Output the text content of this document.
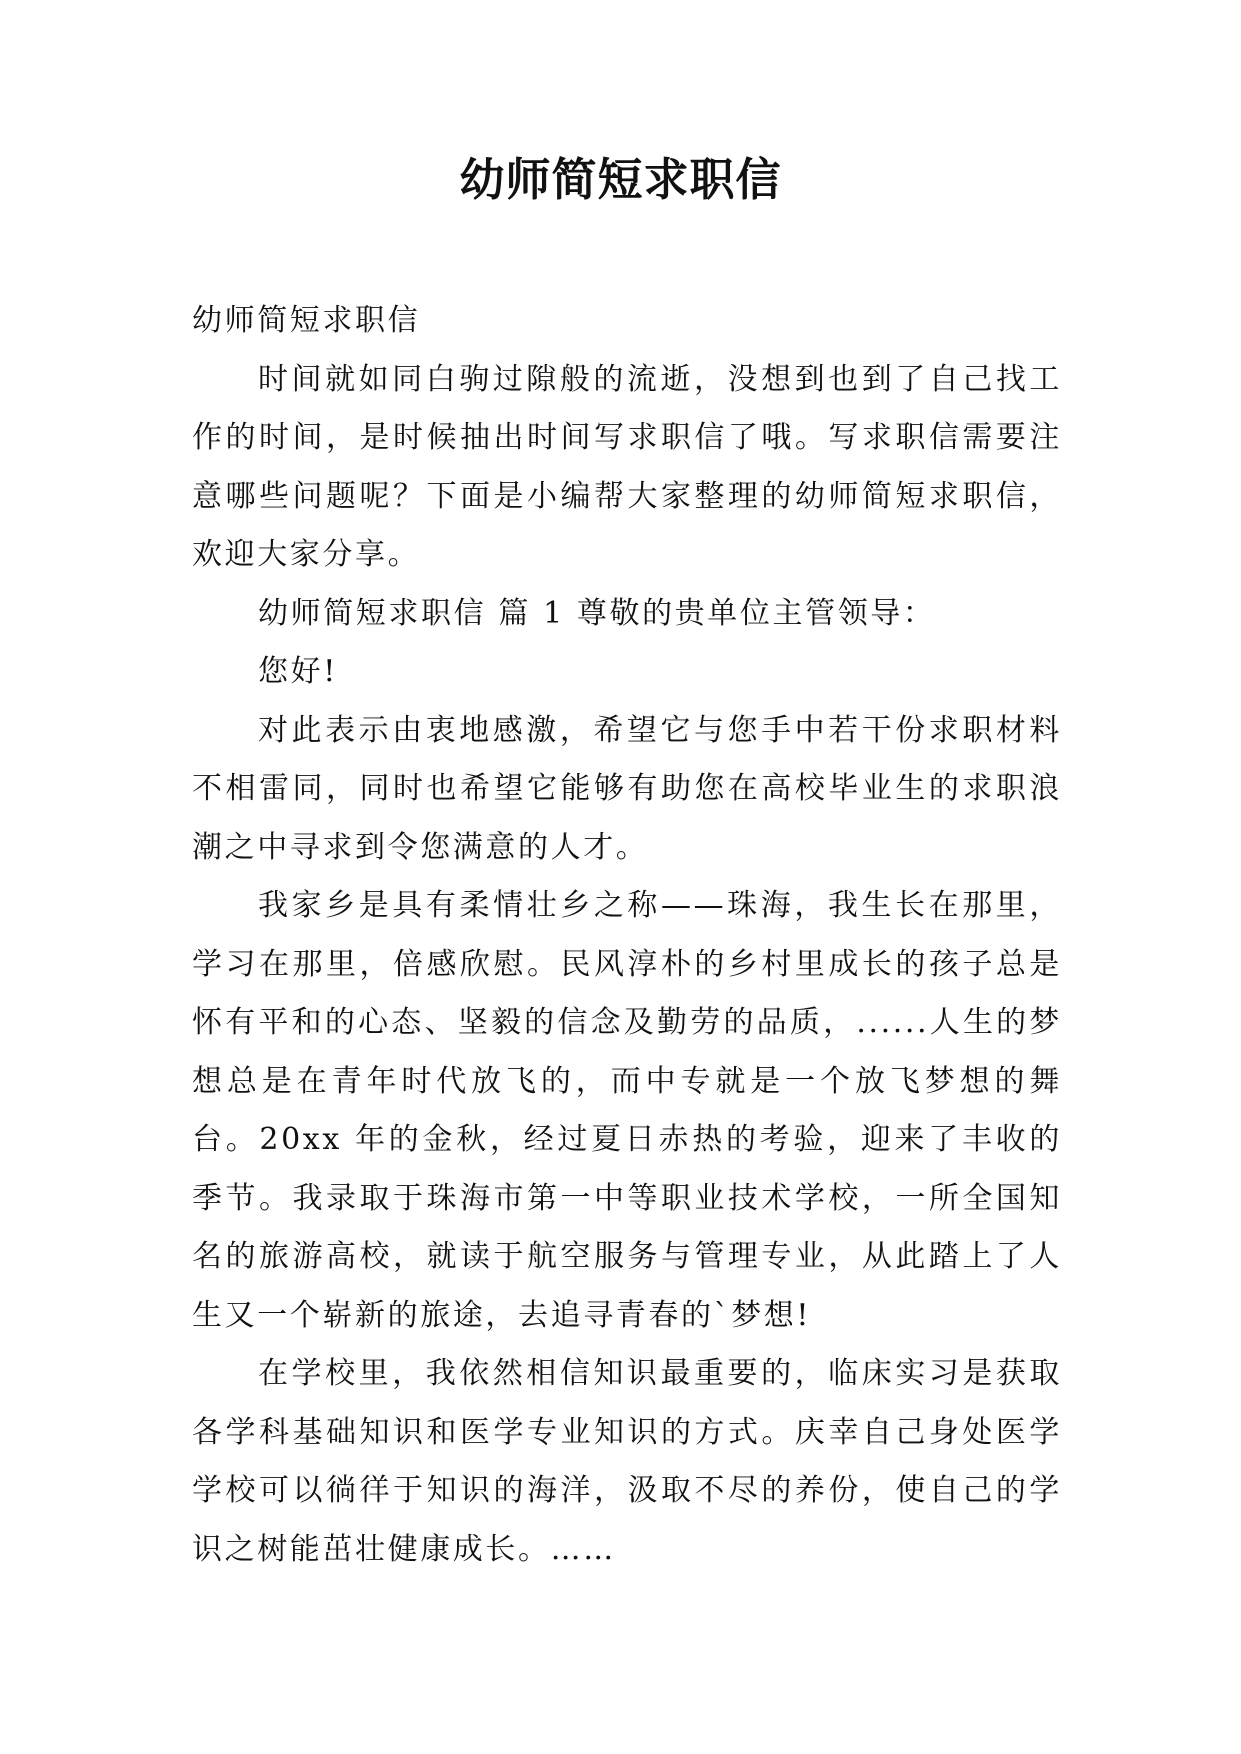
幼师简短求职信

幼师简短求职信

时间就如同白驹过隙般的流逝，没想到也到了自己找工作的时间，是时候抽出时间写求职信了哦。写求职信需要注意哪些问题呢？下面是小编帮大家整理的幼师简短求职信，欢迎大家分享。

幼师简短求职信 篇 1 尊敬的贵单位主管领导：

您好!

对此表示由衷地感激，希望它与您手中若干份求职材料不相雷同，同时也希望它能够有助您在高校毕业生的求职浪潮之中寻求到令您满意的人才。

我家乡是具有柔情壮乡之称——珠海，我生长在那里，学习在那里，倍感欣慰。民风淳朴的乡村里成长的孩子总是怀有平和的心态、坚毅的信念及勤劳的品质，......人生的梦想总是在青年时代放飞的，而中专就是一个放飞梦想的舞台。20xx 年的金秋，经过夏日赤热的考验，迎来了丰收的季节。我录取于珠海市第一中等职业技术学校，一所全国知名的旅游高校，就读于航空服务与管理专业，从此踏上了人生又一个崭新的旅途，去追寻青春的`梦想!

在学校里，我依然相信知识最重要的，临床实习是获取各学科基础知识和医学专业知识的方式。庆幸自己身处医学学校可以徜徉于知识的海洋，汲取不尽的养份，使自己的学识之树能茁壮健康成长。……
